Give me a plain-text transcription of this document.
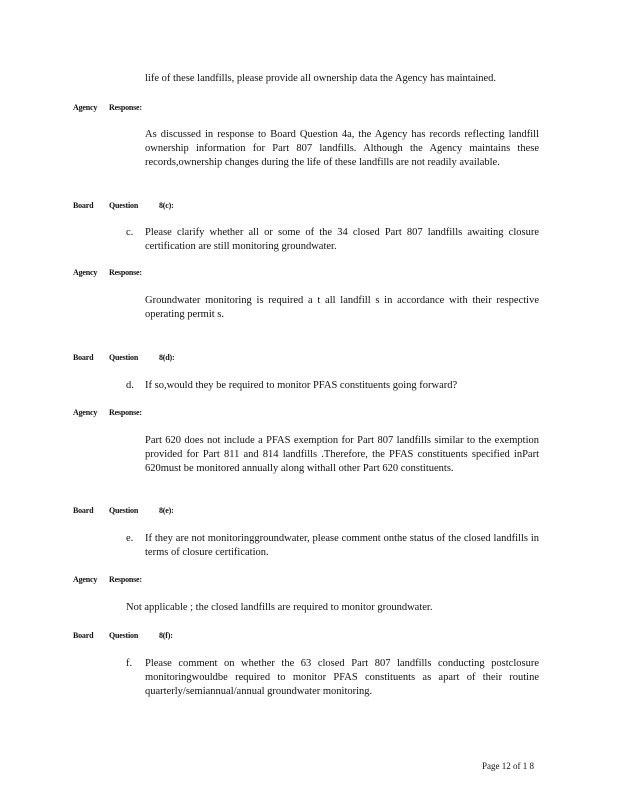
life of these landfills, please provide all ownership data the Agency has maintained.
Agency Response:
As discussed in response to Board Question 4a, the Agency has records reflecting landfill ownership information for Part 807 landfills. Although the Agency maintains these records,ownership changes during the life of these landfills are not readily available.
Board Question	8(c):
c.	Please clarify whether all or some of the 34 closed Part 807 landfills awaiting closure certification are still monitoring groundwater.
Agency Response:
Groundwater monitoring is required a t all landfill s in accordance with their respective operating permit s.
Board Question	8(d):
d.	If so,would they be required to monitor PFAS constituents going forward?
Agency Response:
Part 620 does not include a PFAS exemption for Part 807 landfills similar to the exemption provided for Part 811 and 814 landfills .Therefore, the PFAS constituents specified inPart 620must be monitored annually along withall other Part 620 constituents.
Board Question	8(e):
e.	If they are not monitoringgroundwater, please comment onthe status of the closed landfills in terms of closure certification.
Agency Response:
Not applicable ; the closed landfills are required to monitor groundwater.
Board Question	8(f):
f.	Please comment on whether the 63 closed Part 807 landfills conducting postclosure monitoringwouldbe required to monitor PFAS constituents as apart of their routine quarterly/semiannual/annual groundwater monitoring.
Page 12 of 1 8
